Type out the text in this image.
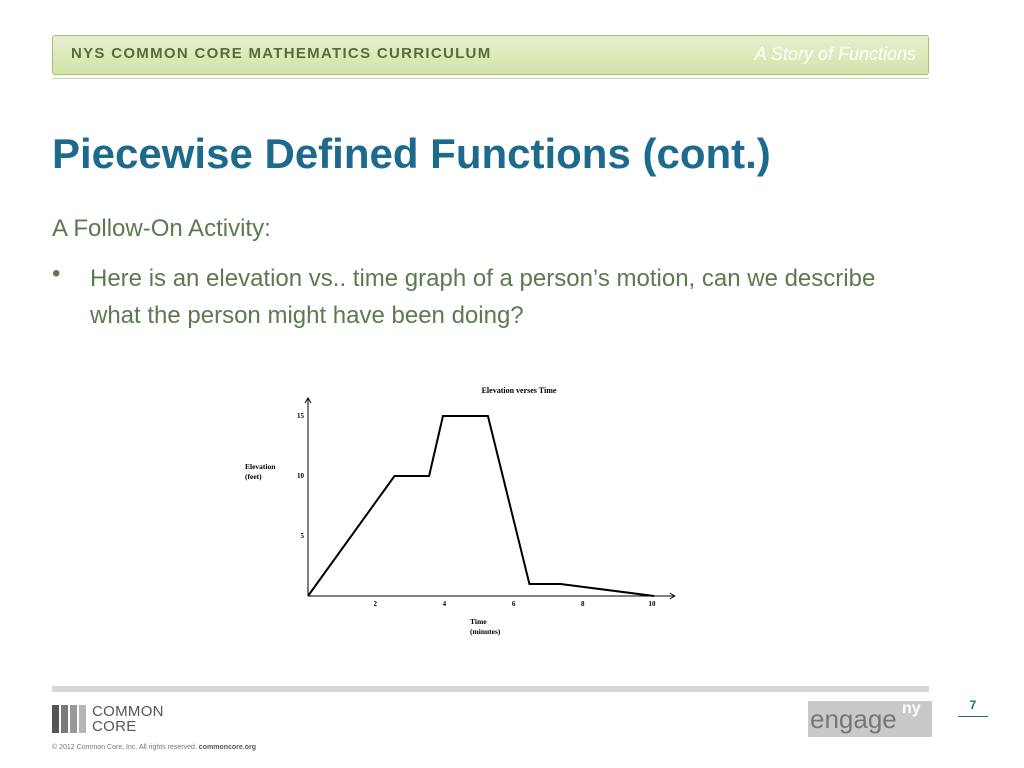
NYS COMMON CORE MATHEMATICS CURRICULUM	A Story of Functions
Piecewise Defined Functions (cont.)
A Follow-On Activity:
• Here is an elevation vs.. time graph of a person’s motion, can we describe what the person might have been doing?
2	4	6	8	10
5
10
15
Elevation verses Time
Elevation (feet)
Time (minutes)
COMMON
CORE
© 2012 Common Core, Inc. All rights reserved. commoncore.org
engage ny	7
